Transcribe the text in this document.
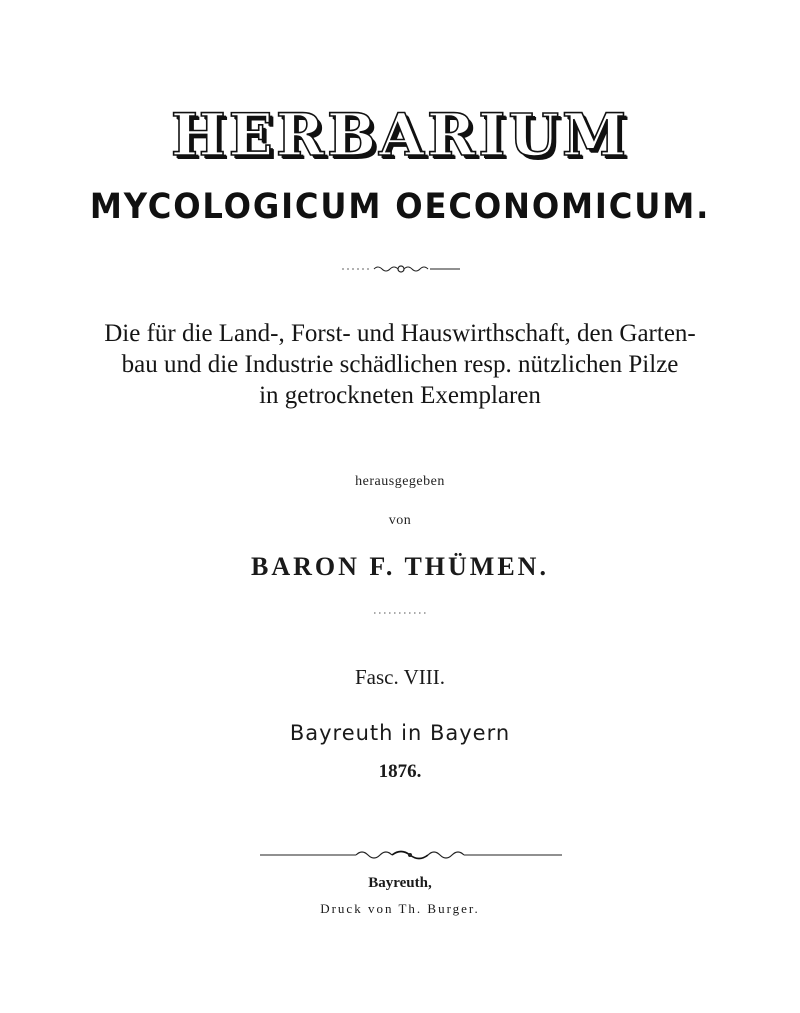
HERBARIUM
MYCOLOGICUM OECONOMICUM.
Die für die Land-, Forst- und Hauswirthschaft, den Garten-
bau und die Industrie schädlichen resp. nützlichen Pilze
in getrockneten Exemplaren
herausgegeben
von
BARON F. THÜMEN.
Fasc. VIII.
Bayreuth in Bayern
1876.
Bayreuth,
Druck von Th. Burger.
